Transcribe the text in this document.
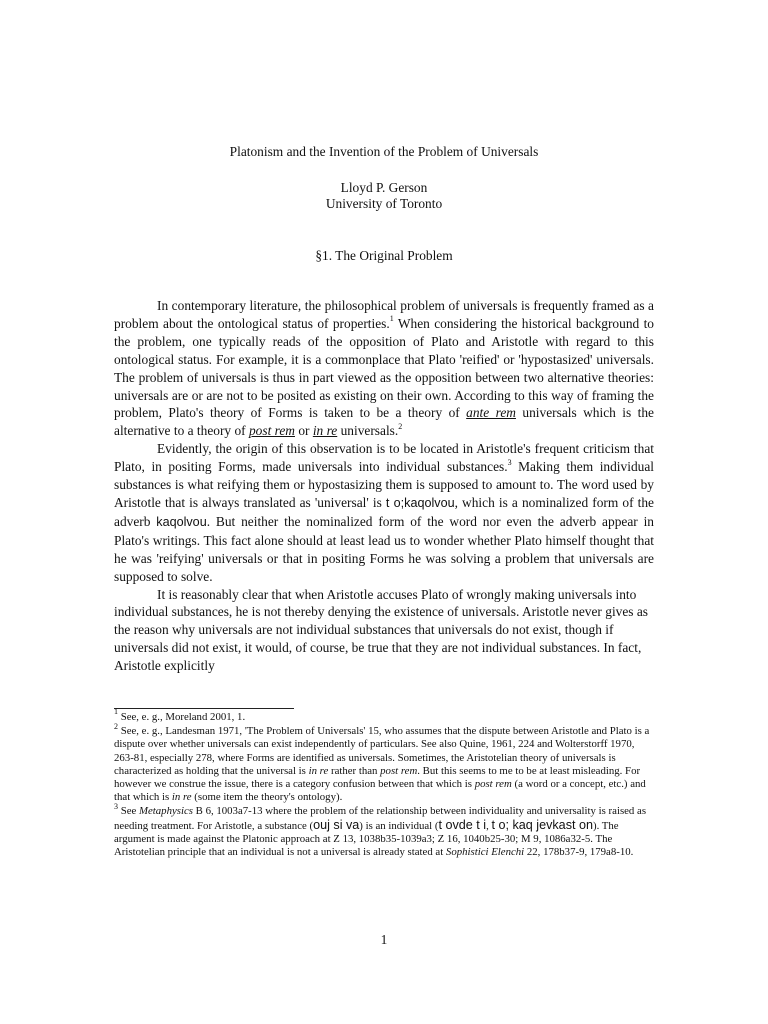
Platonism and the Invention of the Problem of Universals
Lloyd P. Gerson
University of Toronto
§1. The Original Problem

In contemporary literature, the philosophical problem of universals is frequently framed as a problem about the ontological status of properties.$^1$ When considering the historical background to the problem, one typically reads of the opposition of Plato and Aristotle with regard to this ontological status. For example, it is a commonplace that Plato 'reified' or 'hypostasized' universals. The problem of universals is thus in part viewed as the opposition between two alternative theories: universals are or are not to be posited as existing on their own. According to this way of framing the problem, Plato's theory of Forms is taken to be a theory of ante rem universals which is the alternative to a theory of post rem or in re universals.$^2$

Evidently, the origin of this observation is to be located in Aristotle's frequent criticism that Plato, in positing Forms, made universals into individual substances.$^3$ Making them individual substances is what reifying them or hypostasizing them is supposed to amount to. The word used by Aristotle that is always translated as 'universal' is t o;kaqolvou, which is a nominalized form of the adverb kaqolvou. But neither the nominalized form of the word nor even the adverb appear in Plato's writings. This fact alone should at least lead us to wonder whether Plato himself thought that he was 'reifying' universals or that in positing Forms he was solving a problem that universals are supposed to solve.

It is reasonably clear that when Aristotle accuses Plato of wrongly making universals into individual substances, he is not thereby denying the existence of universals. Aristotle never gives as the reason why universals are not individual substances that universals do not exist, though if universals did not exist, it would, of course, be true that they are not individual substances. In fact, Aristotle explicitly

$^1$ See, e. g., Moreland 2001, 1.

$^2$ See, e. g., Landesman 1971, 'The Problem of Universals' 15, who assumes that the dispute between Aristotle and Plato is a dispute over whether universals can exist independently of particulars. See also Quine, 1961, 224 and Wolterstorff 1970, 263-81, especially 278, where Forms are identified as universals. Sometimes, the Aristotelian theory of universals is characterized as holding that the universal is in re rather than post rem. But this seems to me to be at least misleading. For however we construe the issue, there is a category confusion between that which is post rem (a word or a concept, etc.) and that which is in re (some item the theory's ontology).

$^3$ See Metaphysics B 6, 1003a7-13 where the problem of the relationship between individuality and universality is raised as needing treatment. For Aristotle, a substance (ouj si va) is an individual (t ovde t i, t o; kaq jevkast on). The argument is made against the Platonic approach at Z 13, 1038b35-1039a3; Z 16, 1040b25-30; M 9, 1086a32-5. The Aristotelian principle that an individual is not a universal is already stated at Sophistici Elenchi 22, 178b37-9, 179a8-10.

1
